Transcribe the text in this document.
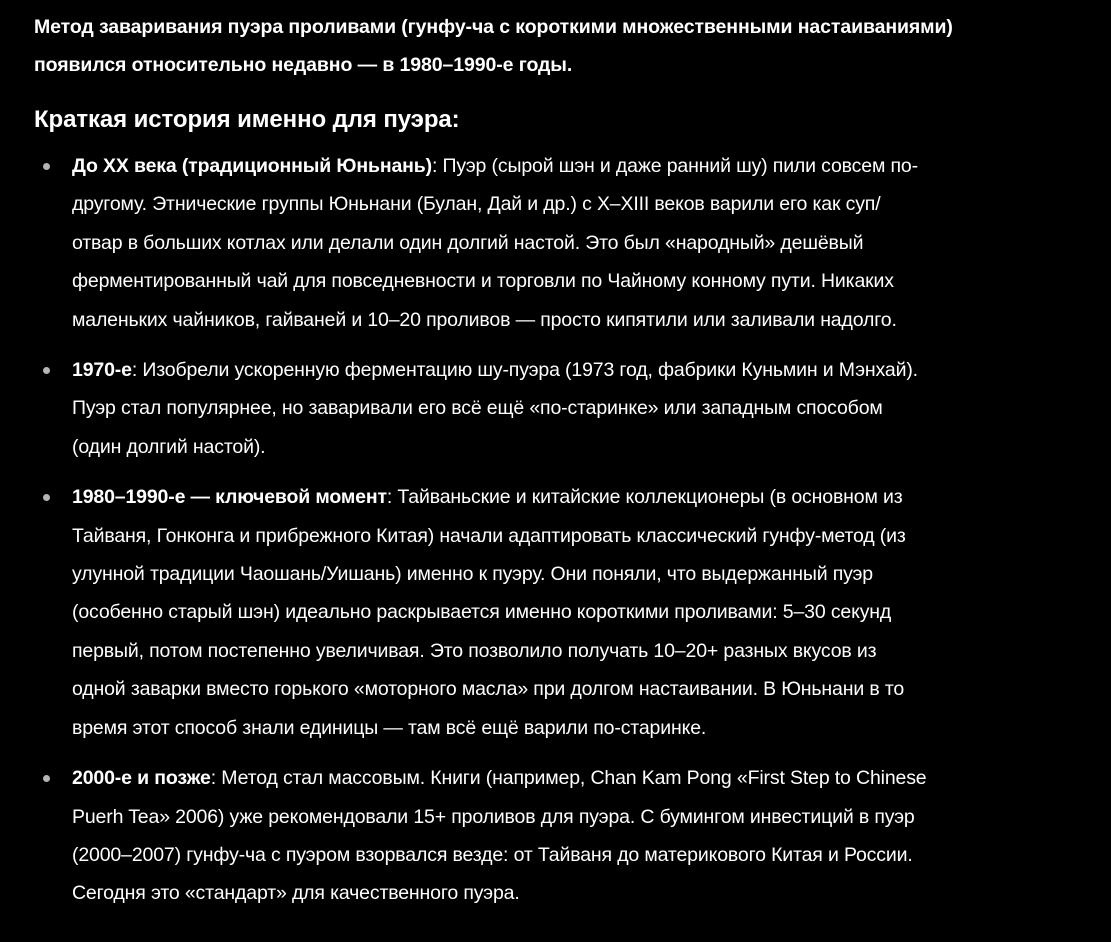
Метод заваривания пуэра проливами (гунфу-ча с короткими множественными настаиваниями)
появился относительно недавно — в 1980–1990-е годы.

Краткая история именно для пуэра:
До XX века (традиционный Юньнань): Пуэр (сырой шэн и даже ранний шу) пили совсем по-
другому. Этнические группы Юньнани (Булан, Дай и др.) с X–XIII веков варили его как суп/
отвар в больших котлах или делали один долгий настой. Это был «народный» дешёвый
ферментированный чай для повседневности и торговли по Чайному конному пути. Никаких
маленьких чайников, гайваней и 10–20 проливов — просто кипятили или заливали надолго.
1970-е: Изобрели ускоренную ферментацию шу-пуэра (1973 год, фабрики Куньмин и Мэнхай).
Пуэр стал популярнее, но заваривали его всё ещё «по-старинке» или западным способом
(один долгий настой).
1980–1990-е — ключевой момент: Тайваньские и китайские коллекционеры (в основном из
Тайваня, Гонконга и прибрежного Китая) начали адаптировать классический гунфу-метод (из
улунной традиции Чаошань/Уишань) именно к пуэру. Они поняли, что выдержанный пуэр
(особенно старый шэн) идеально раскрывается именно короткими проливами: 5–30 секунд
первый, потом постепенно увеличивая. Это позволило получать 10–20+ разных вкусов из
одной заварки вместо горького «моторного масла» при долгом настаивании. В Юньнани в то
время этот способ знали единицы — там всё ещё варили по-старинке.
2000-е и позже: Метод стал массовым. Книги (например, Chan Kam Pong «First Step to Chinese
Puerh Tea» 2006) уже рекомендовали 15+ проливов для пуэра. С бумингом инвестиций в пуэр
(2000–2007) гунфу-ча с пуэром взорвался везде: от Тайваня до материкового Китая и России.
Сегодня это «стандарт» для качественного пуэра.
